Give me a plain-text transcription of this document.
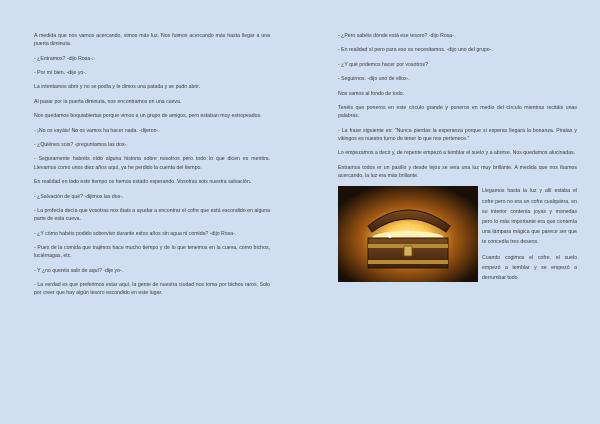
A medida que nos vamos acercando, vimos más luz. Nos fuimos acercando más hasta llegar a una puerta diminuta.

- ¿Entramos? -dijo Rosa-.

- Por mí bien. -dije yo-.

La intentamos abrir y no se podía y le dimos una patada y se pudo abrir.

Al pasar por la puerta diminuta, nos encontramos en una cueva.

Nos quedamos boquiabiertas porque vimos a un grupo de amigos, pero estaban muy estropeados.

- ¡No os vayáis! No os vamos ha hacer nada. -dijeron-.

- ¿Quiénes sois? -preguntamos las dos-.

- Seguramente habréis oído alguna historia sobre nosotros pero todo lo que dicen es mentira. Llevamos como unos diez años aquí, ya he perdido la cuenta del tiempo.

En realidad en todo este tiempo os hemos estado esperando. Vosotras sois nuestra salvación.

- ¿Salvación de qué? -dijimos las dos-.

- La profecía decía que vosotras nos ibais a ayudar a encontrar el cofre que está escondido en alguna parte de esta cueva.

- ¿Y cómo habéis podido sobrevivir durante estos años sin agua ni comida? -dijo Rosa-.

- Pues de la comida que trajimos hace mucho tiempo y de lo que tenemos en la cueva, como bichos, luciérnagas, etc.

- Y ¿no queréis salir de aquí? -dije yo-.

- La verdad es que preferimos estar aquí, la gente de nuestra ciudad nos toma por bichos raros. Solo por creer que hay algún tesoro escondido en este lugar.

- ¿Pero sabéis dónde está ese tesoro? -dijo Rosa-.

- En realidad sí pero para eso os necesitamos. -dijo uno del grupo-.

- ¿Y qué podemos hacer por vosotros?

- Seguirnos. -dijo uno de ellos-.

Nos vamos al fondo de todo.

Tenéis que poneros en este círculo grande y poneros en medio del círculo mientras recitáis unas palabras.

- La frase siguiente es: "Nunca pierdas la esperanza porque si esperas llegará la bonanza. Piratas y vikingos es nuestro turno de tener lo que nos pertenece."

Lo empezamos a decir y, de repente empezó a temblar el suelo y a abrirse. Nos quedamos alucinadas.

Entramos todos er un pasillo y desde lejos se veía una luz muy brillante. A medida que nos íbamos acercando, la luz era más brillante.

Llegamos hasta la luz y allí estaba el cofre pero no era un cofre cualquiera, en su interior contenía joyas y monedas pero lo más importante era que contenía una lámpara mágica que parece ser que te concedía tres deseos.

Cuando cogimos el cofre, el suelo empezó a temblar y se empezó a derrumbar todo.
